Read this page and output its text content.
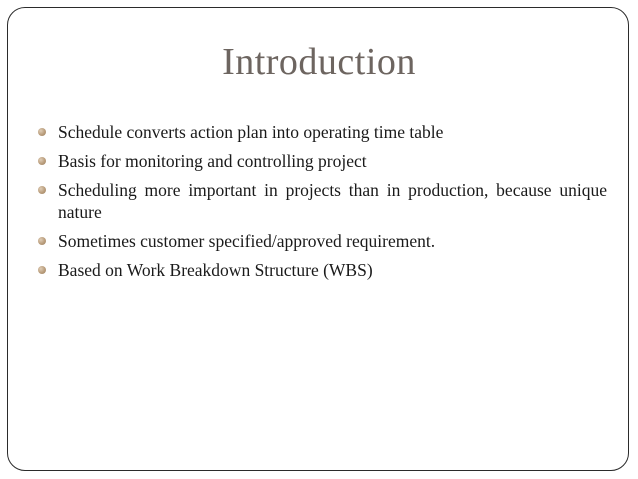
Introduction
Schedule converts action plan into operating time table
Basis for monitoring and controlling project
Scheduling more important in projects than in production, because unique nature
Sometimes customer specified/approved requirement.
Based on Work Breakdown Structure (WBS)
